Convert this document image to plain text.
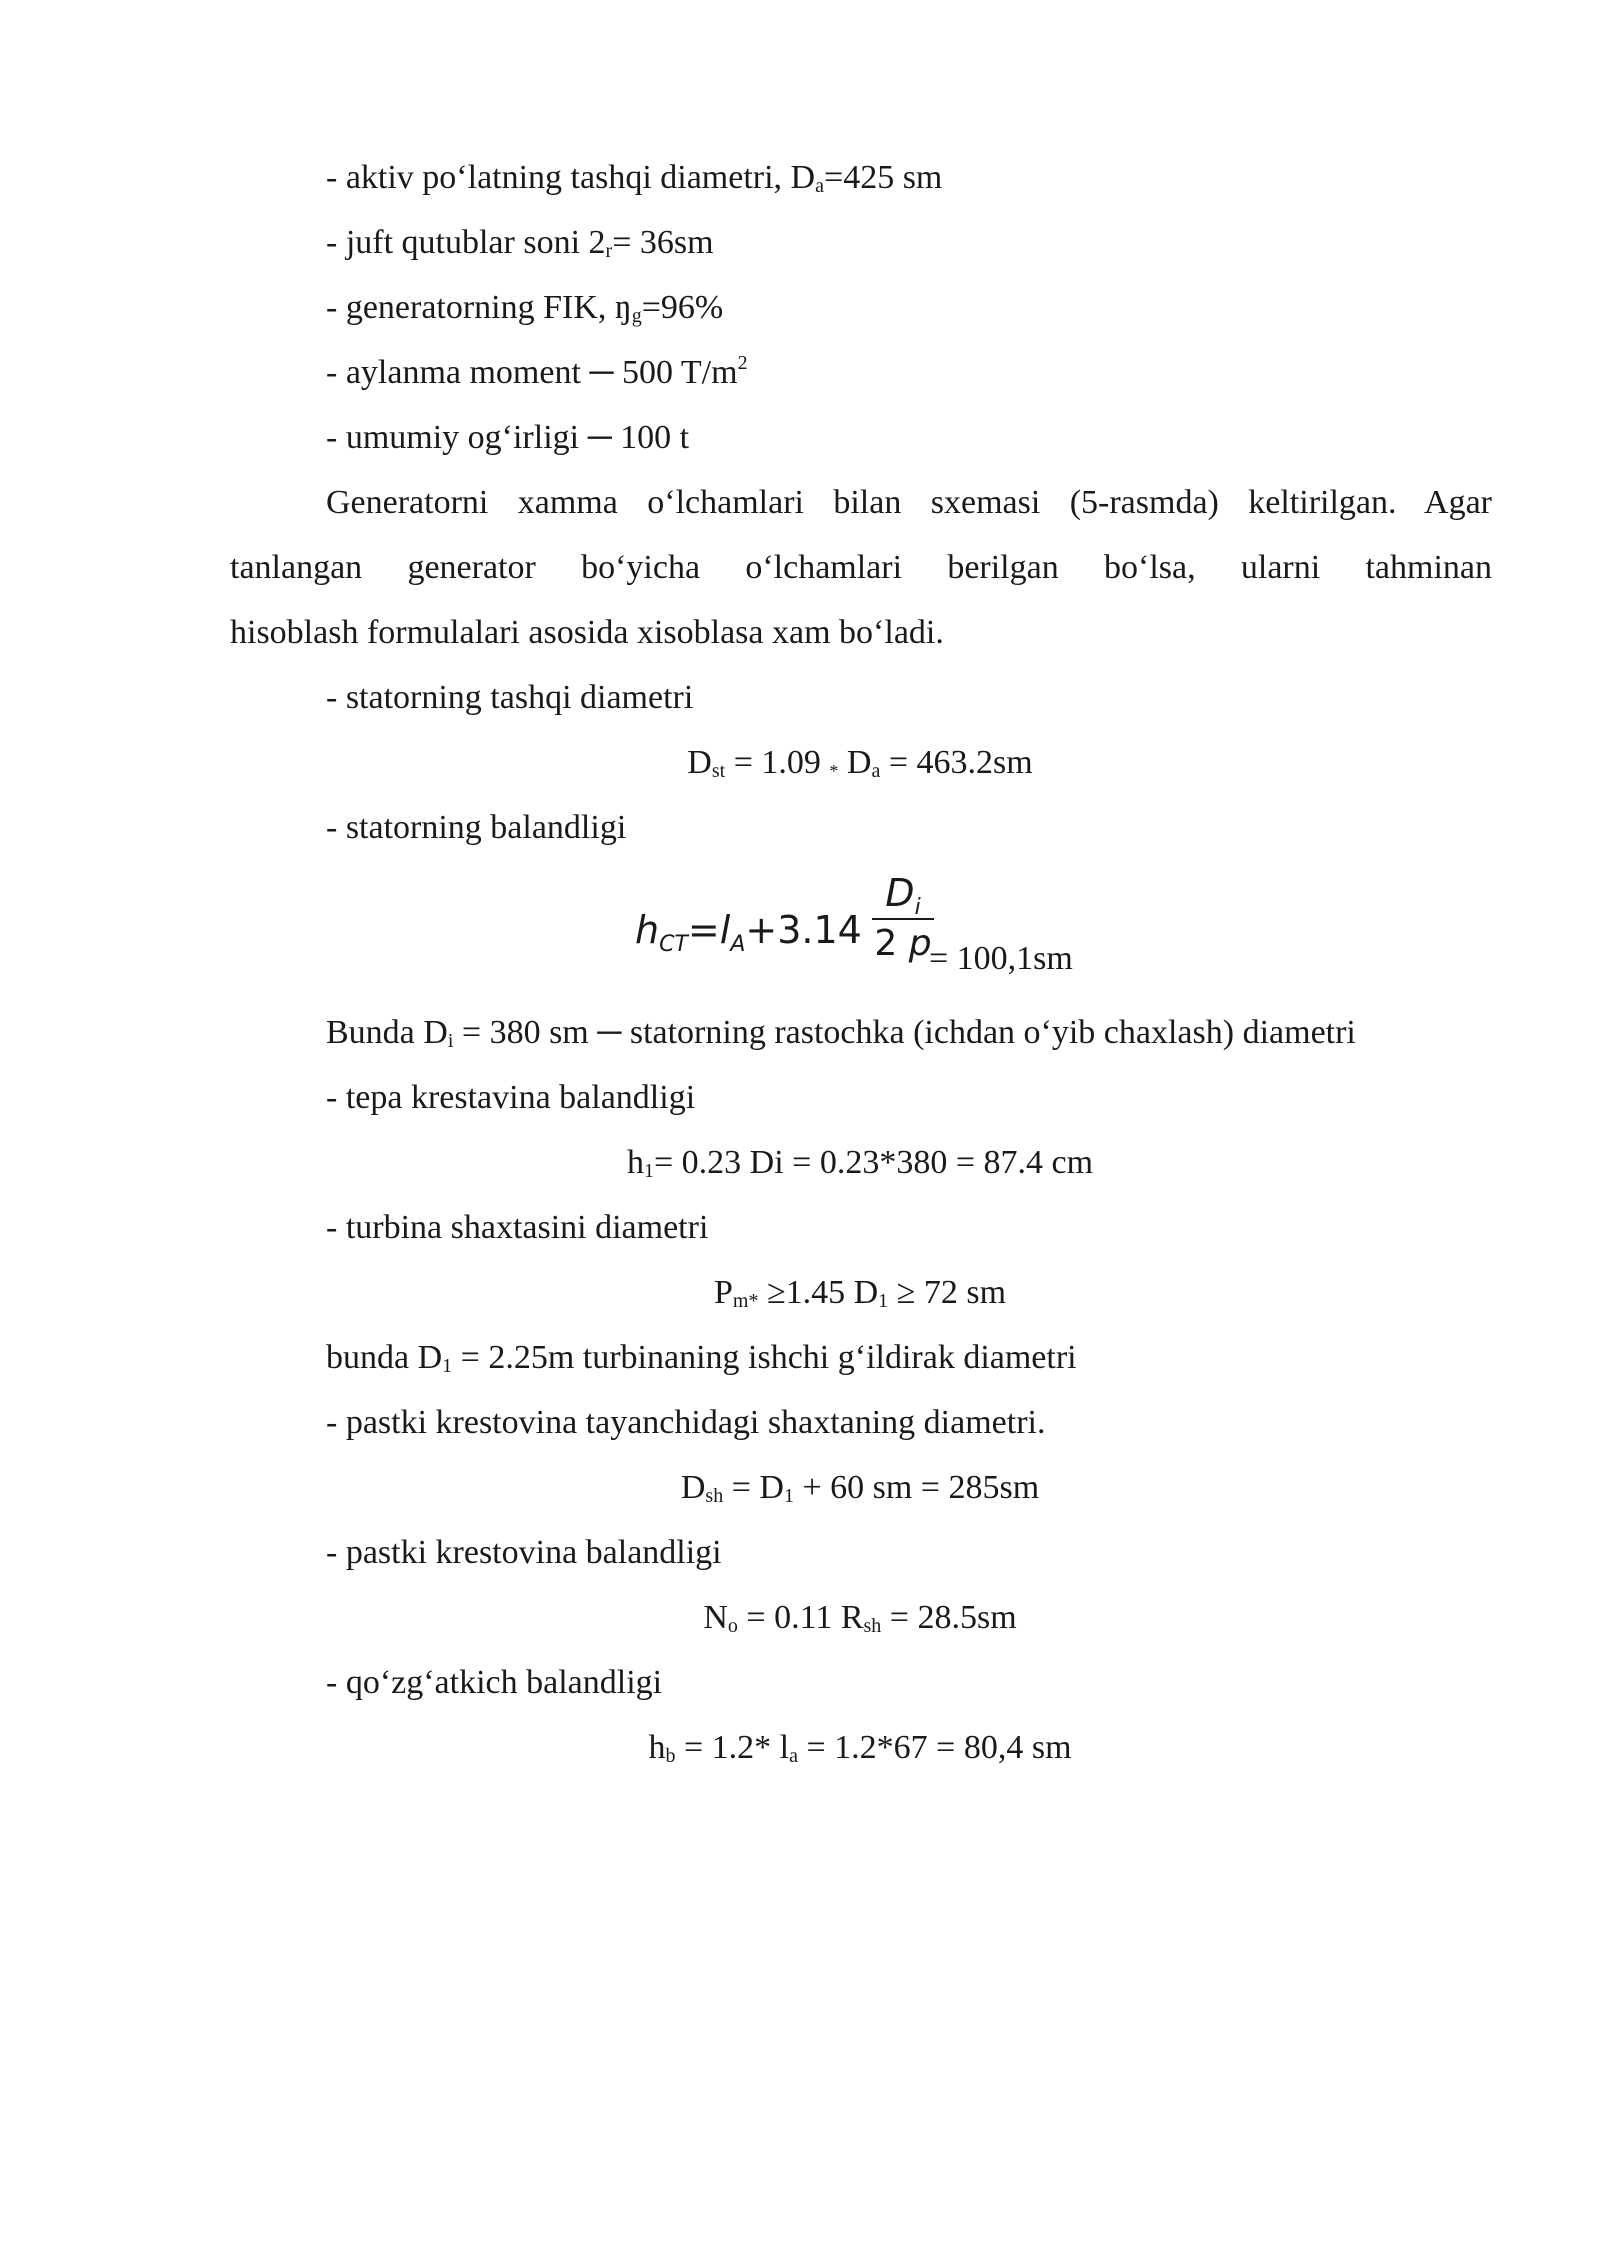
- aktiv po‘latning tashqi diametri, $D_a=425$ sm
- juft qutublar soni $2_r= 36sm$
- generatorning FIK, $ŋ_g=96\%$
- aylanma moment ─ 500 $T/m^2$
- umumiy og‘irligi ─ 100 t
Generatorni xamma o‘lchamlari bilan sxemasi (5-rasmda) keltirilgan. Agar
tanlangan generator bo‘yicha o‘lchamlari berilgan bo‘lsa, ularni tahminan
hisoblash formulalari asosida xisoblasa xam bo‘ladi.
- statorning tashqi diametri
$D_{st} = 1.09$ $_*$ $D_a = 463.2sm$
- statorning balandligi
$h_{CT}=l_A+3.14$
$D_i$
2 p
= 100,1sm
Bunda $D_i = 380$ sm ─ statorning rastochka (ichdan o‘yib chaxlash) diametri
- tepa krestavina balandligi
$h_1= 0.23$ Di = 0.23*380 = 87.4 cm
- turbina shaxtasini diametri
$P_{m*} \ge 1.45$ $D_1 \ge 72$ sm
bunda $D_1 = 2.25m$ turbinaning ishchi g‘ildirak diametri
- pastki krestovina tayanchidagi shaxtaning diametri.
$D_{sh} = D_1 + 60$ sm = 285sm
- pastki krestovina balandligi
$N_o = 0.11$ $R_{sh} = 28.5sm$
- qo‘zg‘atkich balandligi
$h_b = 1.2*$ $l_a = 1.2*67 = 80,4$ sm
